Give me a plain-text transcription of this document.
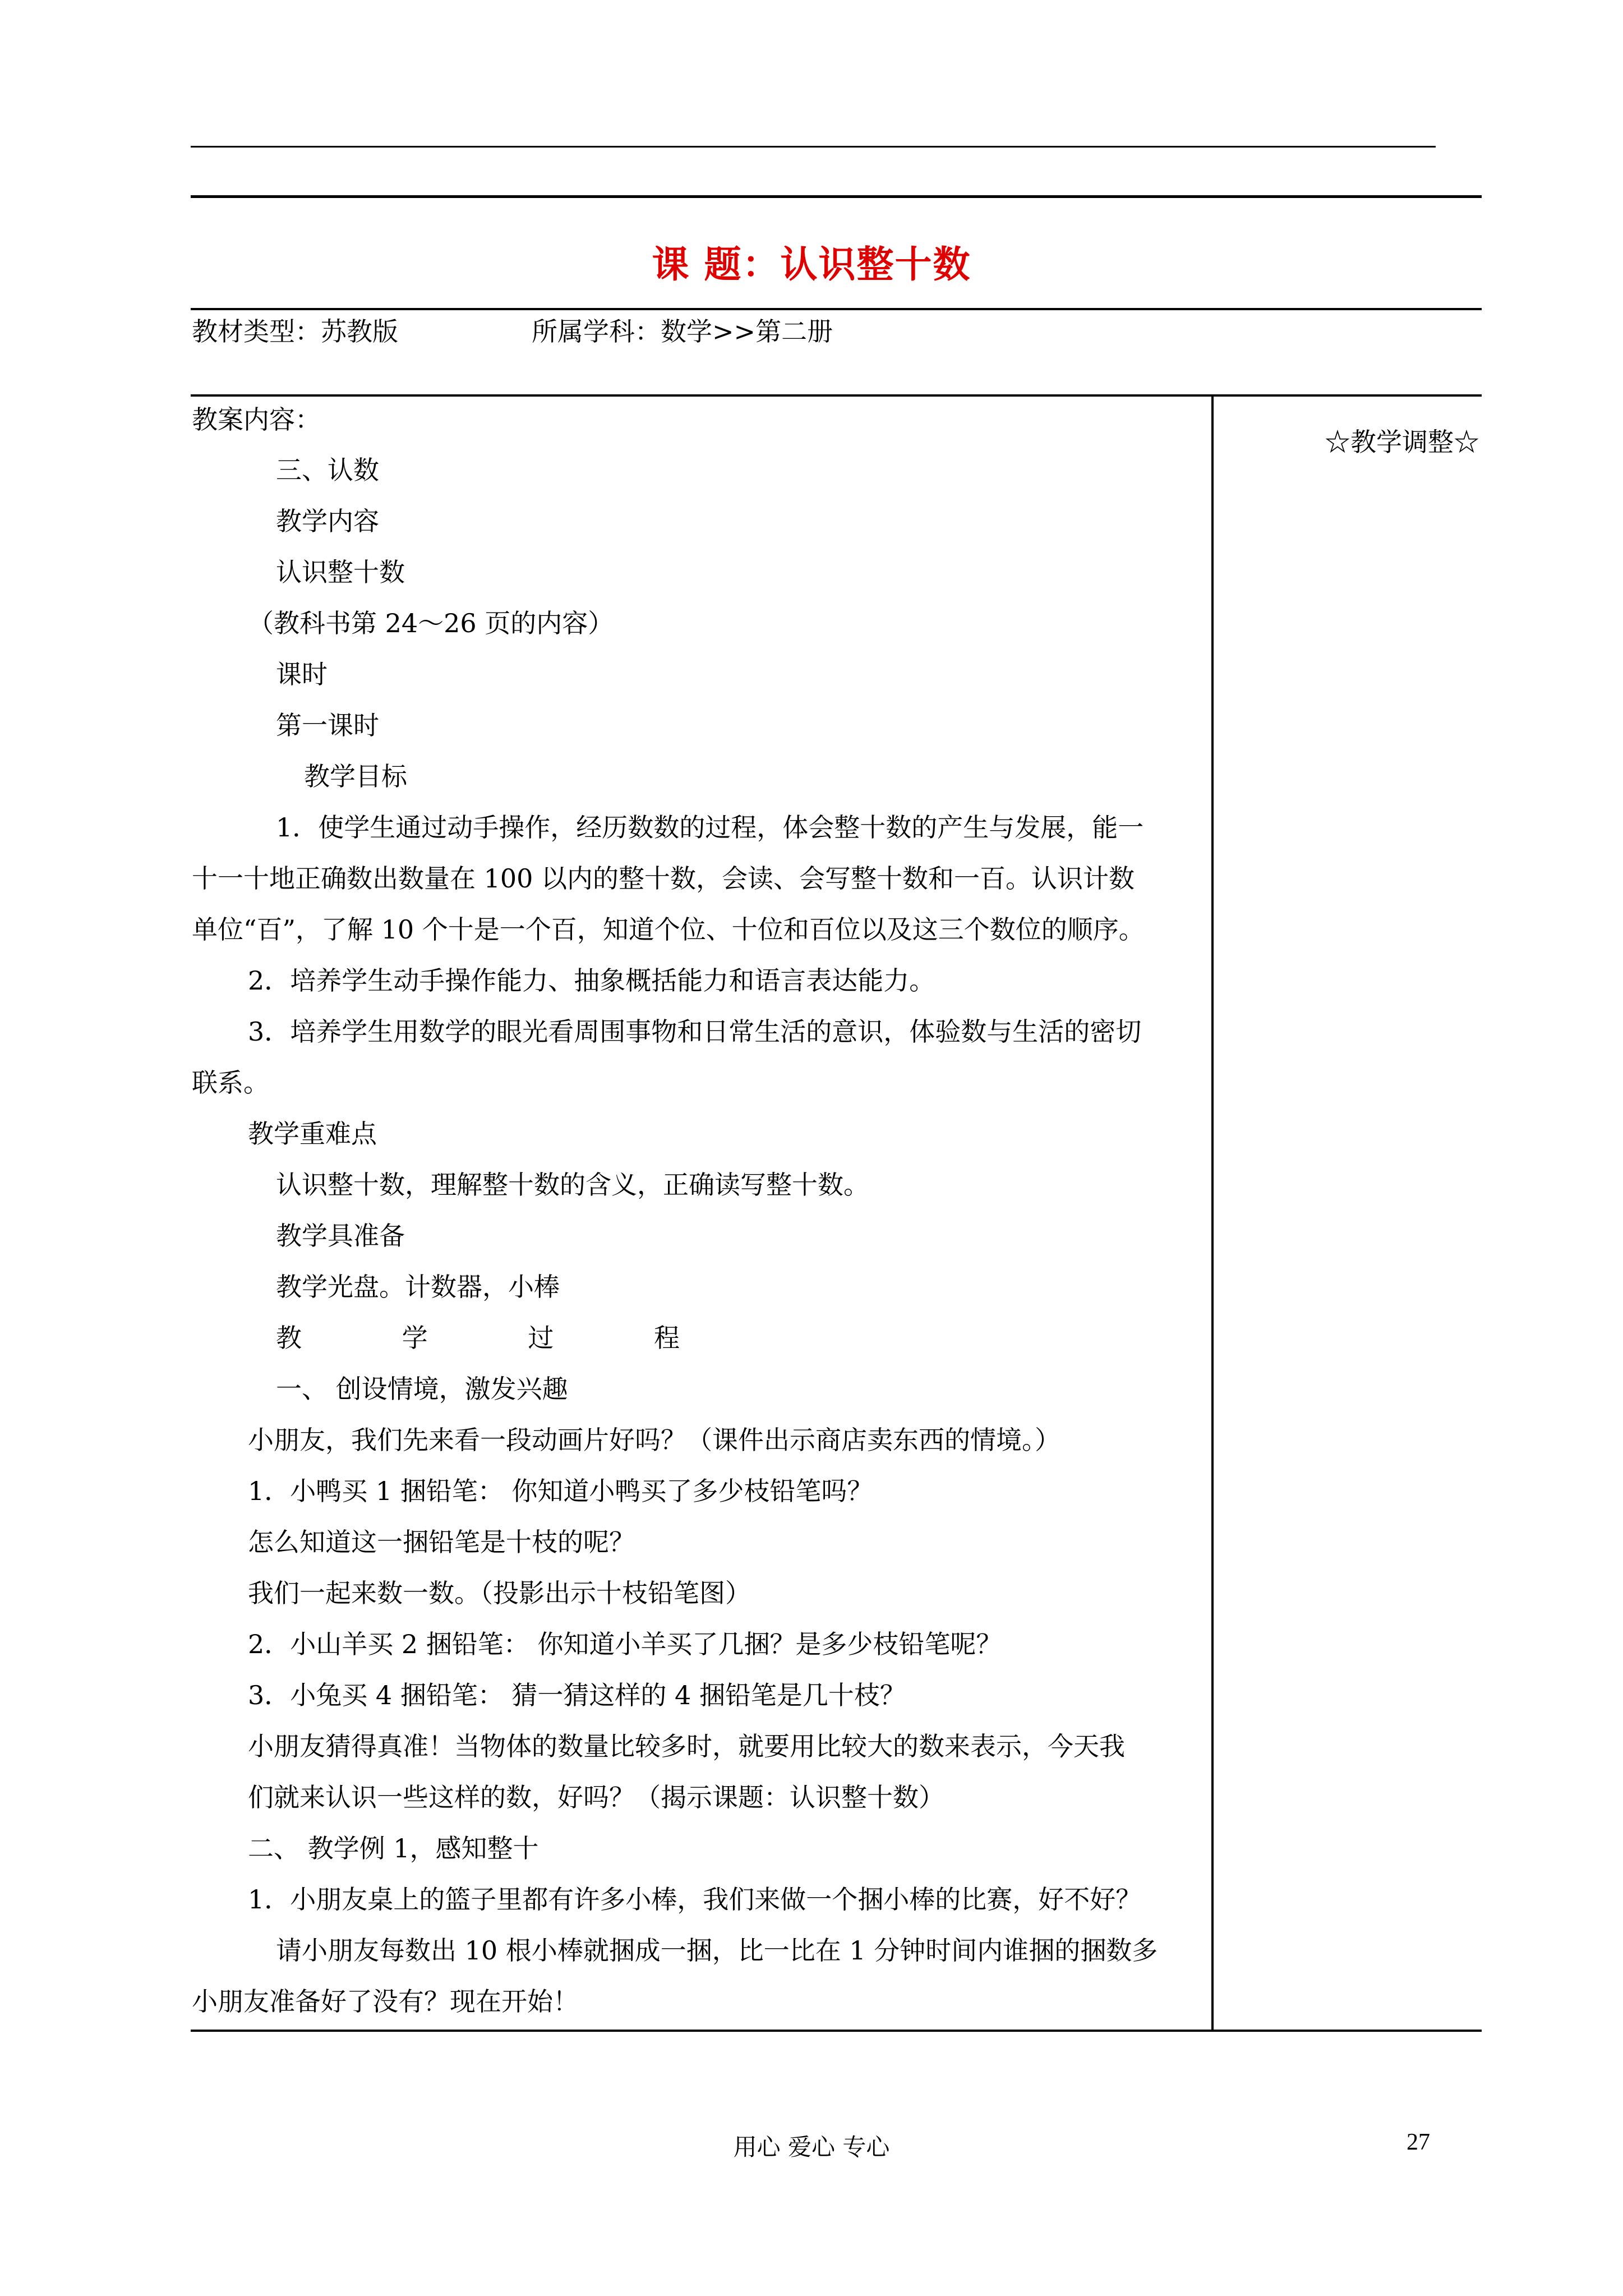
课 题：认识整十数
教材类型：苏教版	所属学科：数学>>第二册
☆教学调整☆
教案内容：
三、认数
教学内容
认识整十数
（教科书第 24～26 页的内容）
课时
第一课时
教学目标
1．使学生通过动手操作，经历数数的过程，体会整十数的产生与发展，能一
十一十地正确数出数量在 100 以内的整十数，会读、会写整十数和一百。认识计数
单位“百”，了解 10 个十是一个百，知道个位、十位和百位以及这三个数位的顺序。
2．培养学生动手操作能力、抽象概括能力和语言表达能力。
3．培养学生用数学的眼光看周围事物和日常生活的意识，体验数与生活的密切
联系。
教学重难点
认识整十数，理解整十数的含义，正确读写整十数。
教学具准备
教学光盘。计数器，小棒
教	学	过	程
一、 创设情境，激发兴趣
小朋友，我们先来看一段动画片好吗？（课件出示商店卖东西的情境。）
1．小鸭买 1 捆铅笔： 你知道小鸭买了多少枝铅笔吗？
怎么知道这一捆铅笔是十枝的呢？
我们一起来数一数。（投影出示十枝铅笔图）
2．小山羊买 2 捆铅笔： 你知道小羊买了几捆？是多少枝铅笔呢？
3．小兔买 4 捆铅笔： 猜一猜这样的 4 捆铅笔是几十枝？
小朋友猜得真准！当物体的数量比较多时，就要用比较大的数来表示，今天我
们就来认识一些这样的数，好吗？（揭示课题：认识整十数）
二、 教学例 1，感知整十
1．小朋友桌上的篮子里都有许多小棒，我们来做一个捆小棒的比赛，好不好？
请小朋友每数出 10 根小棒就捆成一捆，比一比在 1 分钟时间内谁捆的捆数多
小朋友准备好了没有？现在开始！
用心 爱心 专心	27
